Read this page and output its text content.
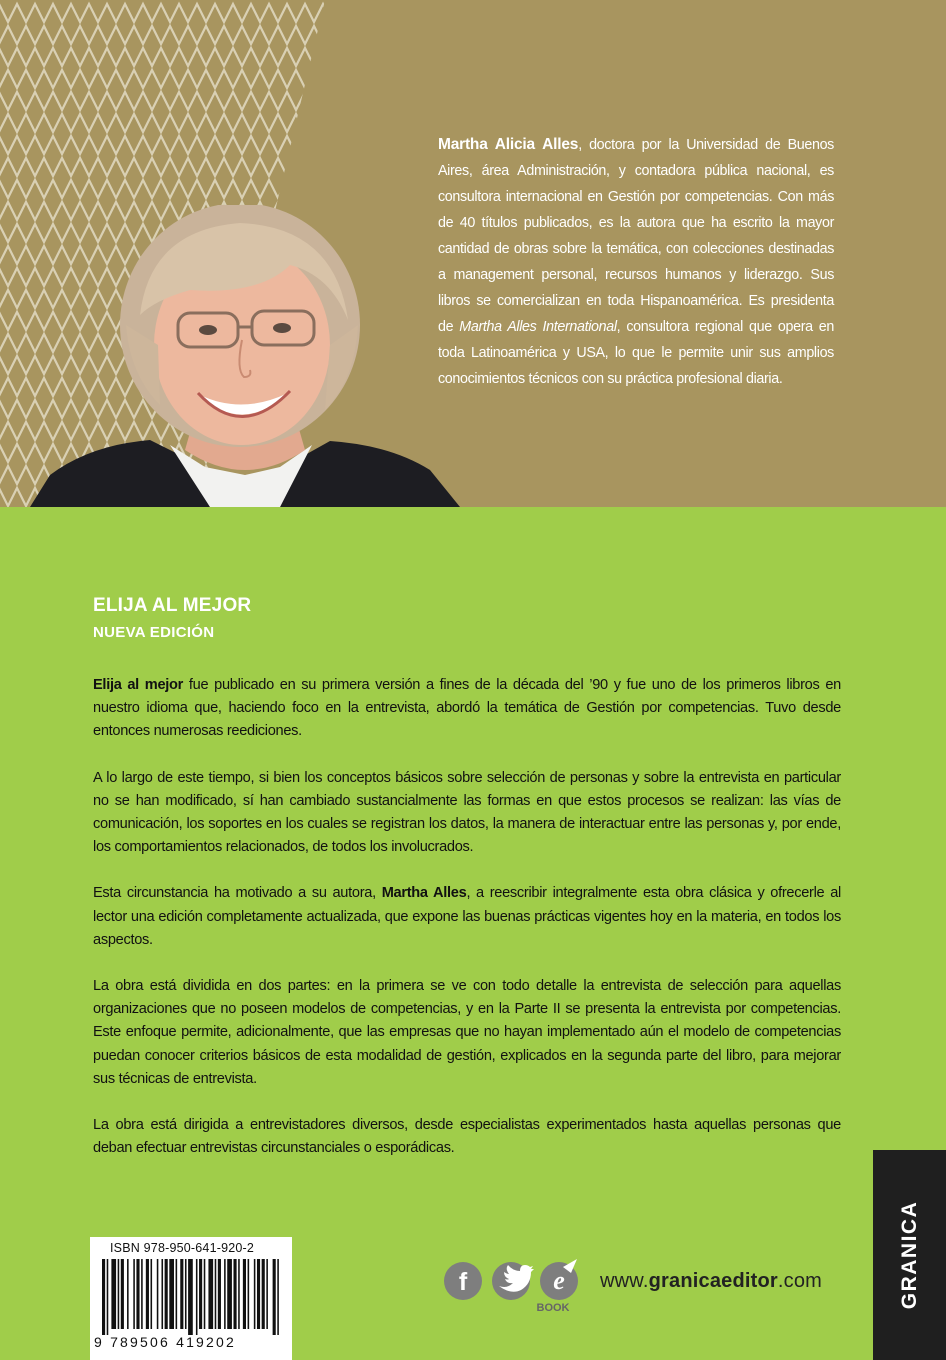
Martha Alicia Alles, doctora por la Universidad de Buenos Aires, área Administración, y contadora pública nacional, es consultora internacional en Gestión por competencias. Con más de 40 títulos publicados, es la autora que ha escrito la mayor cantidad de obras sobre la temática, con colecciones destinadas a management personal, recursos humanos y liderazgo. Sus libros se comercializan en toda Hispanoamérica. Es presidenta de Martha Alles International, consultora regional que opera en toda Latinoamérica y USA, lo que le permite unir sus amplios conocimientos técnicos con su práctica profesional diaria.
ELIJA AL MEJOR
NUEVA EDICIÓN

Elija al mejor fue publicado en su primera versión a fines de la década del ’90 y fue uno de los primeros libros en nuestro idioma que, haciendo foco en la entrevista, abordó la temática de Gestión por competencias. Tuvo desde entonces numerosas reediciones.

A lo largo de este tiempo, si bien los conceptos básicos sobre selección de personas y sobre la entrevista en particular no se han modificado, sí han cambiado sustancialmente las formas en que estos procesos se realizan: las vías de comunicación, los soportes en los cuales se registran los datos, la manera de interactuar entre las personas y, por ende, los comportamientos relacionados, de todos los involucrados.

Esta circunstancia ha motivado a su autora, Martha Alles, a reescribir integralmente esta obra clásica y ofrecerle al lector una edición completamente actualizada, que expone las buenas prácticas vigentes hoy en la materia, en todos los aspectos.

La obra está dividida en dos partes: en la primera se ve con todo detalle la entrevista de selección para aquellas organizaciones que no poseen modelos de competencias, y en la Parte II se presenta la entrevista por competencias. Este enfoque permite, adicionalmente, que las empresas que no hayan implementado aún el modelo de competencias puedan conocer criterios básicos de esta modalidad de gestión, explicados en la segunda parte del libro, para mejorar sus técnicas de entrevista.

La obra está dirigida a entrevistadores diversos, desde especialistas experimentados hasta aquellas personas que deban efectuar entrevistas circunstanciales o esporádicas.

ISBN 978-950-641-920-2
9 789506 419202
f	e
BOOK
www.granicaeditor.com	GRANICA
